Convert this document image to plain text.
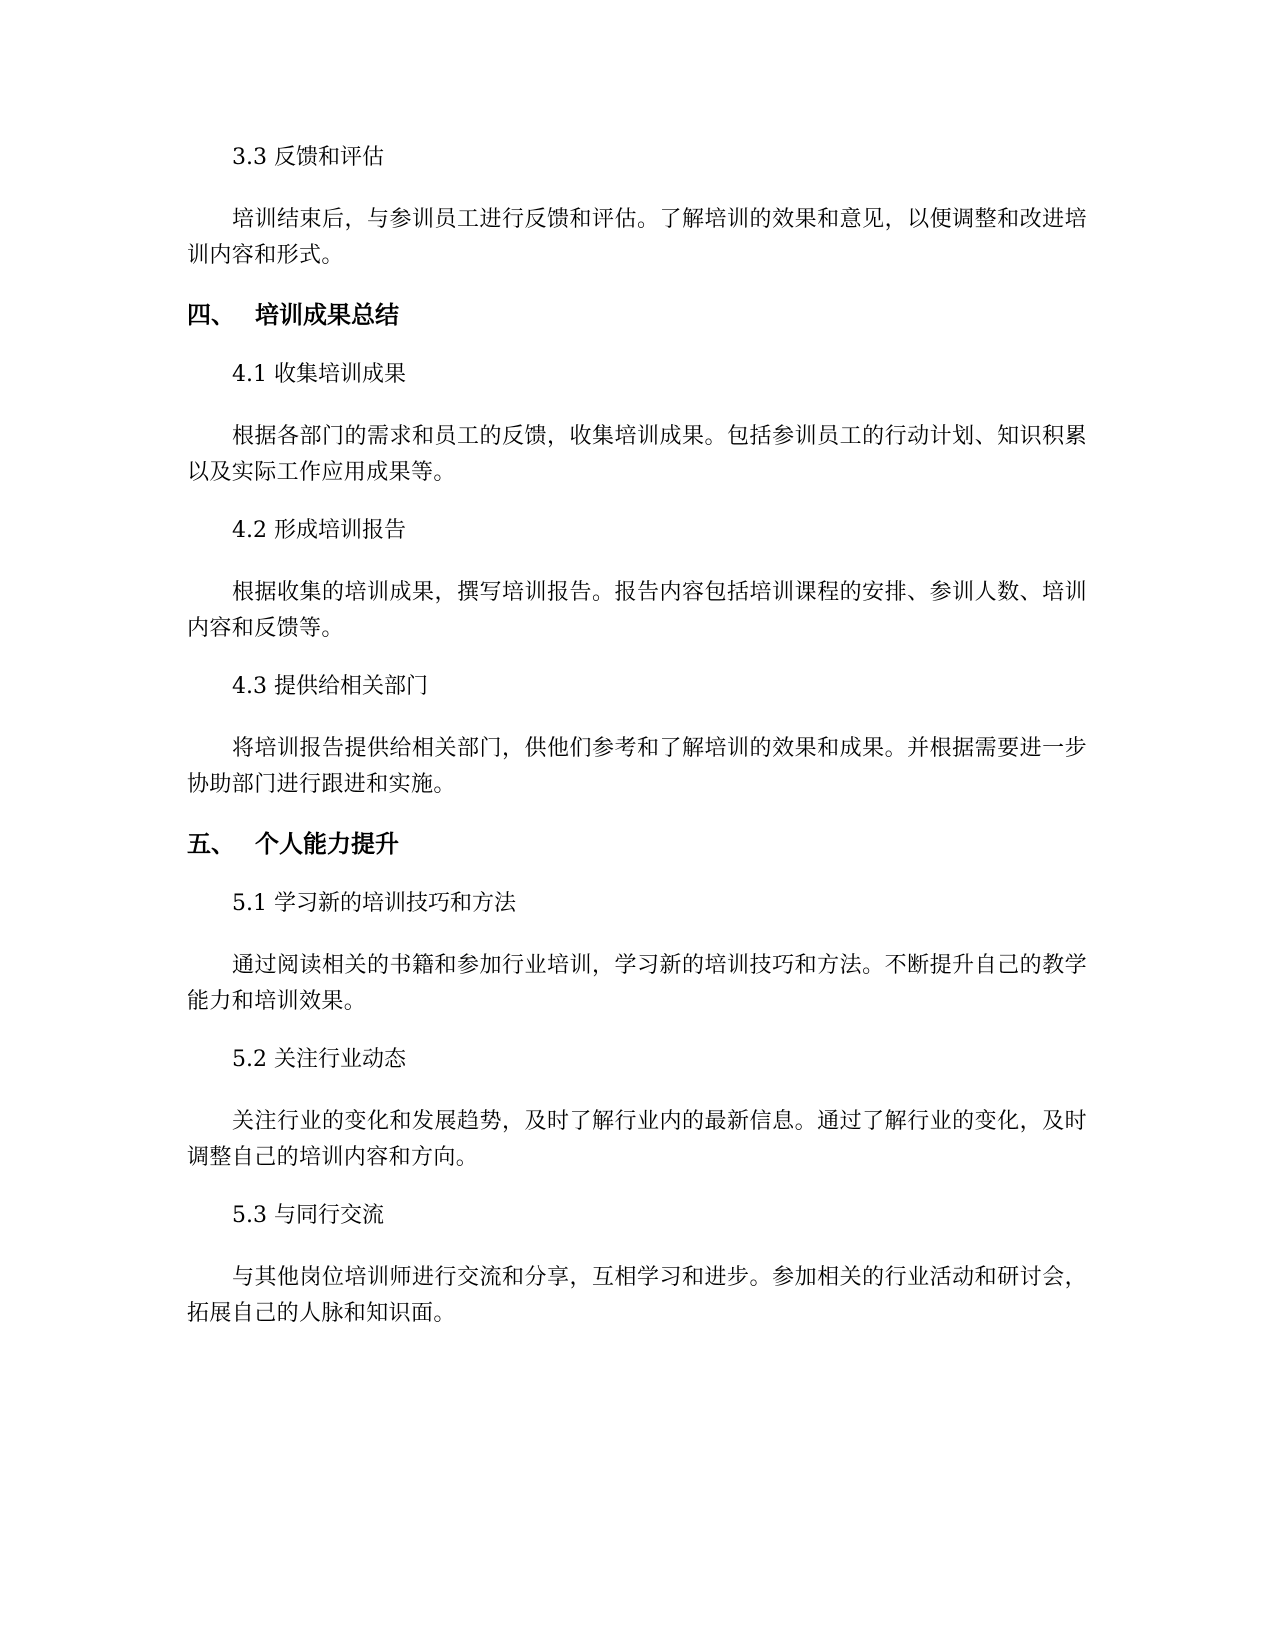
3.3 反馈和评估

培训结束后，与参训员工进行反馈和评估。了解培训的效果和意见，以便调整和改进培训内容和形式。

四、 培训成果总结
4.1 收集培训成果

根据各部门的需求和员工的反馈，收集培训成果。包括参训员工的行动计划、知识积累以及实际工作应用成果等。

4.2 形成培训报告

根据收集的培训成果，撰写培训报告。报告内容包括培训课程的安排、参训人数、培训内容和反馈等。

4.3 提供给相关部门

将培训报告提供给相关部门，供他们参考和了解培训的效果和成果。并根据需要进一步协助部门进行跟进和实施。

五、 个人能力提升
5.1 学习新的培训技巧和方法

通过阅读相关的书籍和参加行业培训，学习新的培训技巧和方法。不断提升自己的教学能力和培训效果。

5.2 关注行业动态

关注行业的变化和发展趋势，及时了解行业内的最新信息。通过了解行业的变化，及时调整自己的培训内容和方向。

5.3 与同行交流

与其他岗位培训师进行交流和分享，互相学习和进步。参加相关的行业活动和研讨会，拓展自己的人脉和知识面。
